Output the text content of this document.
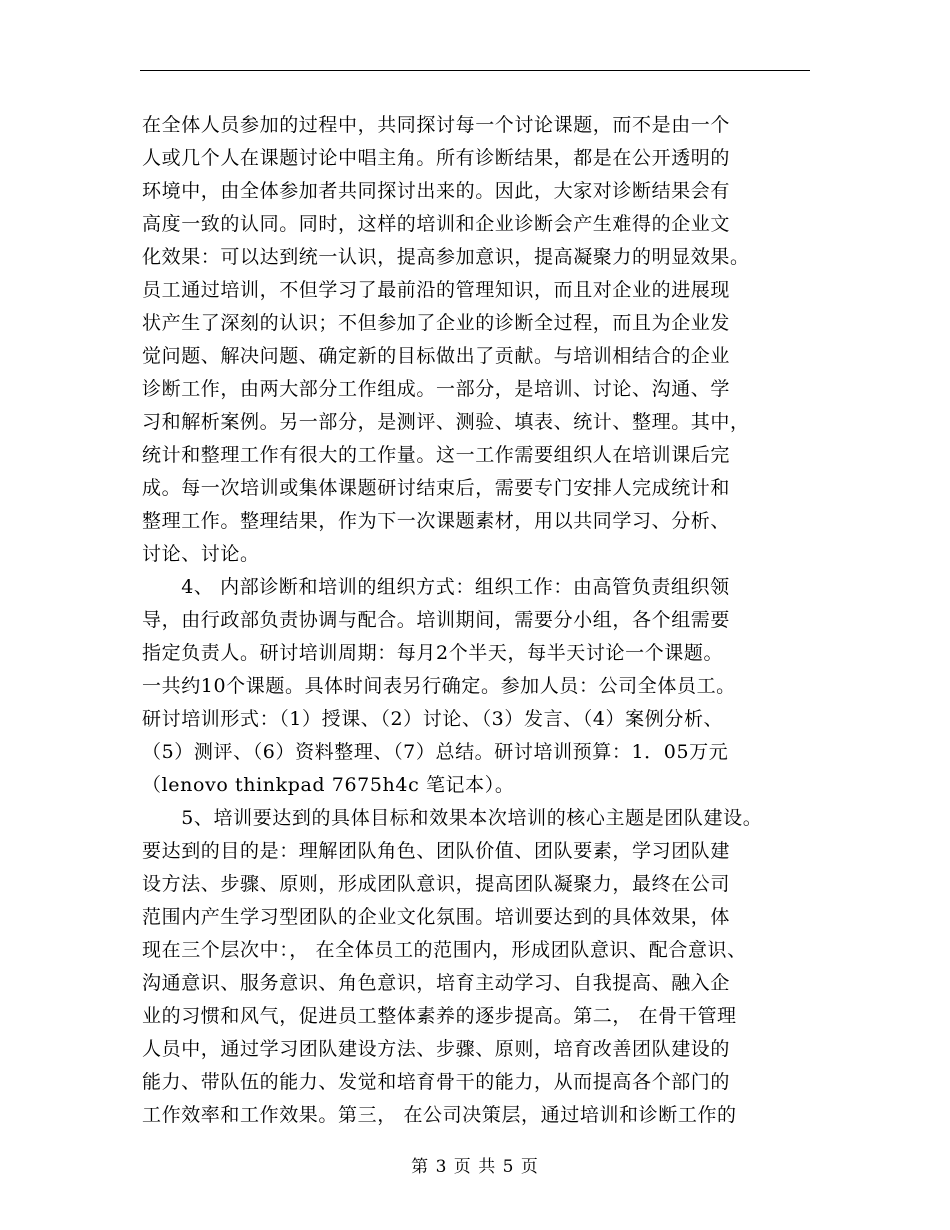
在全体人员参加的过程中，共同探讨每一个讨论课题，而不是由一个
人或几个人在课题讨论中唱主角。所有诊断结果，都是在公开透明的
环境中，由全体参加者共同探讨出来的。因此，大家对诊断结果会有
高度一致的认同。同时，这样的培训和企业诊断会产生难得的企业文
化效果：可以达到统一认识，提高参加意识，提高凝聚力的明显效果。
员工通过培训，不但学习了最前沿的管理知识，而且对企业的进展现
状产生了深刻的认识；不但参加了企业的诊断全过程，而且为企业发
觉问题、解决问题、确定新的目标做出了贡献。与培训相结合的企业
诊断工作，由两大部分工作组成。一部分，是培训、讨论、沟通、学
习和解析案例。另一部分，是测评、测验、填表、统计、整理。其中，
统计和整理工作有很大的工作量。这一工作需要组织人在培训课后完
成。每一次培训或集体课题研讨结束后，需要专门安排人完成统计和
整理工作。整理结果，作为下一次课题素材，用以共同学习、分析、
讨论、讨论。
　　4、 内部诊断和培训的组织方式：组织工作：由高管负责组织领
导，由行政部负责协调与配合。培训期间，需要分小组，各个组需要
指定负责人。研讨培训周期：每月2个半天，每半天讨论一个课题。
一共约10个课题。具体时间表另行确定。参加人员：公司全体员工。
研讨培训形式：（1）授课、（2）讨论、（3）发言、（4）案例分析、
（5）测评、（6）资料整理、（7）总结。研讨培训预算：1．05万元
（lenovo thinkpad 7675h4c 笔记本）。
　　5、培训要达到的具体目标和效果本次培训的核心主题是团队建设。
要达到的目的是：理解团队角色、团队价值、团队要素，学习团队建
设方法、步骤、原则，形成团队意识，提高团队凝聚力，最终在公司
范围内产生学习型团队的企业文化氛围。培训要达到的具体效果，体
现在三个层次中：， 在全体员工的范围内，形成团队意识、配合意识、
沟通意识、服务意识、角色意识，培育主动学习、自我提高、融入企
业的习惯和风气，促进员工整体素养的逐步提高。第二， 在骨干管理
人员中，通过学习团队建设方法、步骤、原则，培育改善团队建设的
能力、带队伍的能力、发觉和培育骨干的能力，从而提高各个部门的
工作效率和工作效果。第三， 在公司决策层，通过培训和诊断工作的
第 3 页 共 5 页
